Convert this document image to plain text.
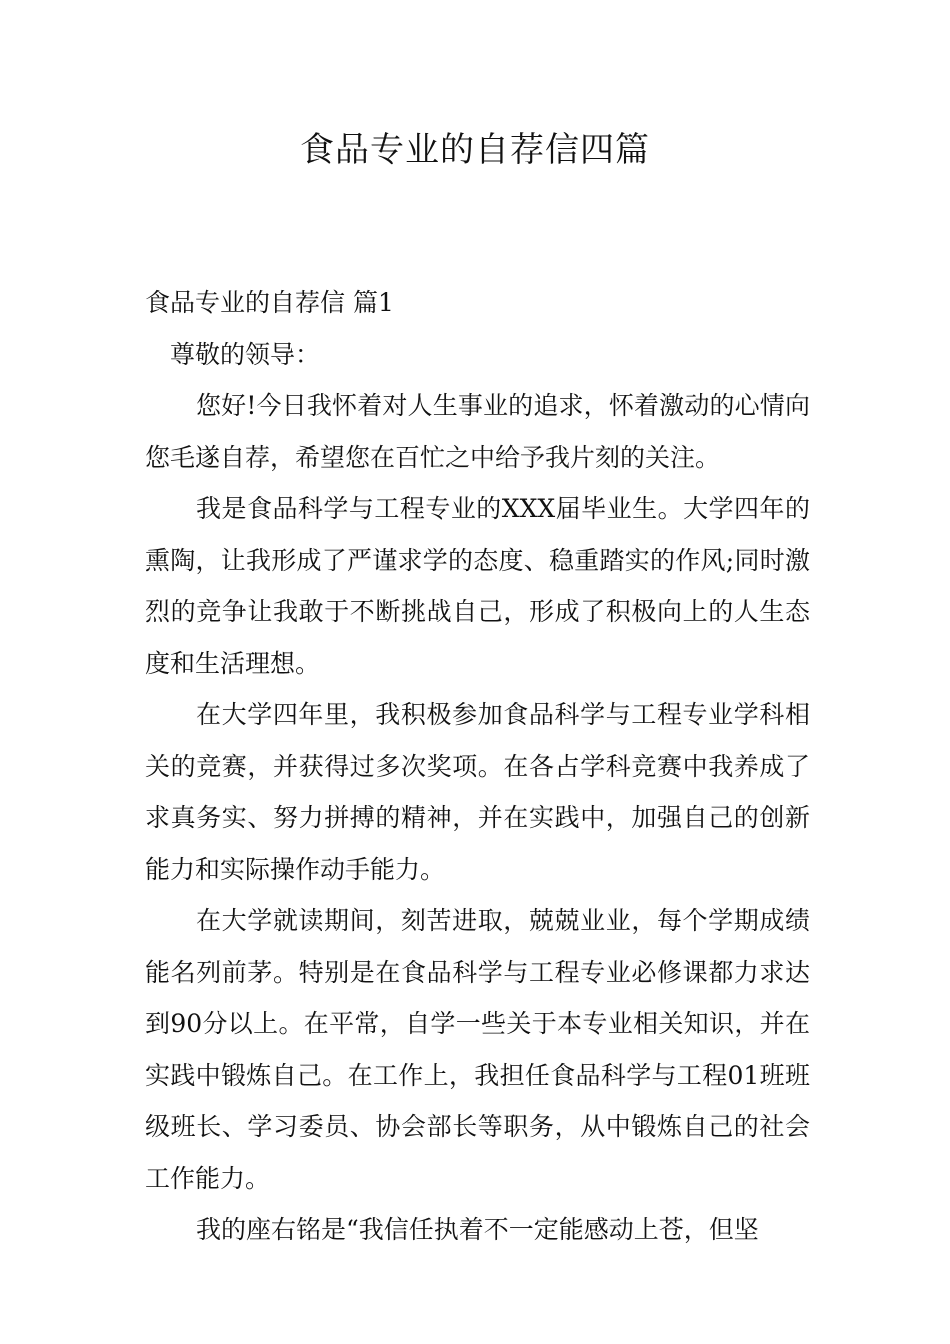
食品专业的自荐信四篇

食品专业的自荐信 篇1

尊敬的领导：

您好!今日我怀着对人生事业的追求，怀着激动的心情向您毛遂自荐，希望您在百忙之中给予我片刻的关注。

我是食品科学与工程专业的XXX届毕业生。大学四年的熏陶，让我形成了严谨求学的态度、稳重踏实的作风;同时激烈的竞争让我敢于不断挑战自己，形成了积极向上的人生态度和生活理想。

在大学四年里，我积极参加食品科学与工程专业学科相关的竞赛，并获得过多次奖项。在各占学科竞赛中我养成了求真务实、努力拼搏的精神，并在实践中，加强自己的创新能力和实际操作动手能力。

在大学就读期间，刻苦进取，兢兢业业，每个学期成绩能名列前茅。特别是在食品科学与工程专业必修课都力求达到90分以上。在平常，自学一些关于本专业相关知识，并在实践中锻炼自己。在工作上，我担任食品科学与工程01班班级班长、学习委员、协会部长等职务，从中锻炼自己的社会工作能力。

我的座右铭是“我信任执着不一定能感动上苍，但坚
